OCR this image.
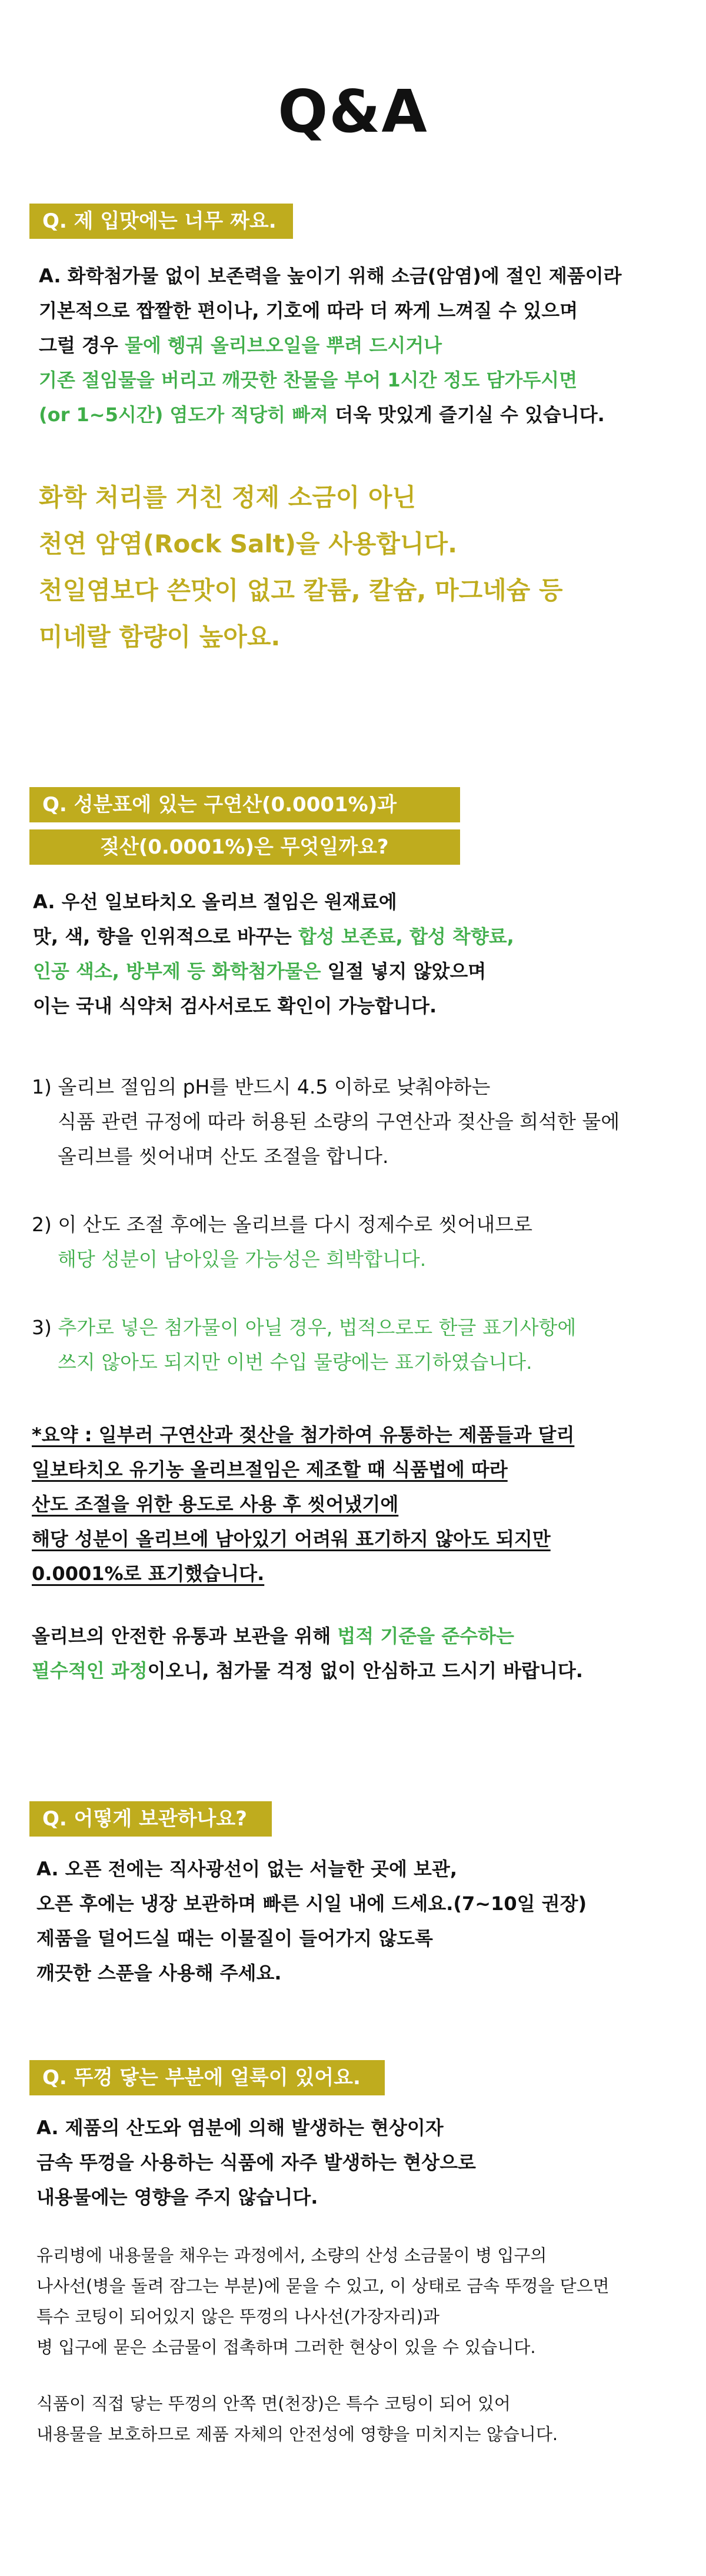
Q&A
Q. 제 입맛에는 너무 짜요.
A. 화학첨가물 없이 보존력을 높이기 위해 소금(암염)에 절인 제품이라
기본적으로 짭짤한 편이나, 기호에 따라 더 짜게 느껴질 수 있으며
그럴 경우 물에 헹궈 올리브오일을 뿌려 드시거나
기존 절임물을 버리고 깨끗한 찬물을 부어 1시간 정도 담가두시면
(or 1~5시간) 염도가 적당히 빠져 더욱 맛있게 즐기실 수 있습니다.
화학 처리를 거친 정제 소금이 아닌
천연 암염(Rock Salt)을 사용합니다.
천일염보다 쓴맛이 없고 칼륨, 칼슘, 마그네슘 등
미네랄 함량이 높아요.
Q. 성분표에 있는 구연산(0.0001%)과
젖산(0.0001%)은 무엇일까요?
A. 우선 일보타치오 올리브 절임은 원재료에
맛, 색, 향을 인위적으로 바꾸는 합성 보존료, 합성 착향료,
인공 색소, 방부제 등 화학첨가물은 일절 넣지 않았으며
이는 국내 식약처 검사서로도 확인이 가능합니다.
1) 올리브 절임의 pH를 반드시 4.5 이하로 낮춰야하는
식품 관련 규정에 따라 허용된 소량의 구연산과 젖산을 희석한 물에
올리브를 씻어내며 산도 조절을 합니다.
2) 이 산도 조절 후에는 올리브를 다시 정제수로 씻어내므로
해당 성분이 남아있을 가능성은 희박합니다.
3) 추가로 넣은 첨가물이 아닐 경우, 법적으로도 한글 표기사항에
쓰지 않아도 되지만 이번 수입 물량에는 표기하였습니다.
*요약 : 일부러 구연산과 젖산을 첨가하여 유통하는 제품들과 달리
일보타치오 유기농 올리브절임은 제조할 때 식품법에 따라
산도 조절을 위한 용도로 사용 후 씻어냈기에
해당 성분이 올리브에 남아있기 어려워 표기하지 않아도 되지만
0.0001%로 표기했습니다.
올리브의 안전한 유통과 보관을 위해 법적 기준을 준수하는
필수적인 과정이오니, 첨가물 걱정 없이 안심하고 드시기 바랍니다.
Q. 어떻게 보관하나요?
A. 오픈 전에는 직사광선이 없는 서늘한 곳에 보관,
오픈 후에는 냉장 보관하며 빠른 시일 내에 드세요.(7~10일 권장)
제품을 덜어드실 때는 이물질이 들어가지 않도록
깨끗한 스푼을 사용해 주세요.
Q. 뚜껑 닿는 부분에 얼룩이 있어요.
A. 제품의 산도와 염분에 의해 발생하는 현상이자
금속 뚜껑을 사용하는 식품에 자주 발생하는 현상으로
내용물에는 영향을 주지 않습니다.
유리병에 내용물을 채우는 과정에서, 소량의 산성 소금물이 병 입구의
나사선(병을 돌려 잠그는 부분)에 묻을 수 있고, 이 상태로 금속 뚜껑을 닫으면
특수 코팅이 되어있지 않은 뚜껑의 나사선(가장자리)과
병 입구에 묻은 소금물이 접촉하며 그러한 현상이 있을 수 있습니다.
식품이 직접 닿는 뚜껑의 안쪽 면(천장)은 특수 코팅이 되어 있어
내용물을 보호하므로 제품 자체의 안전성에 영향을 미치지는 않습니다.
